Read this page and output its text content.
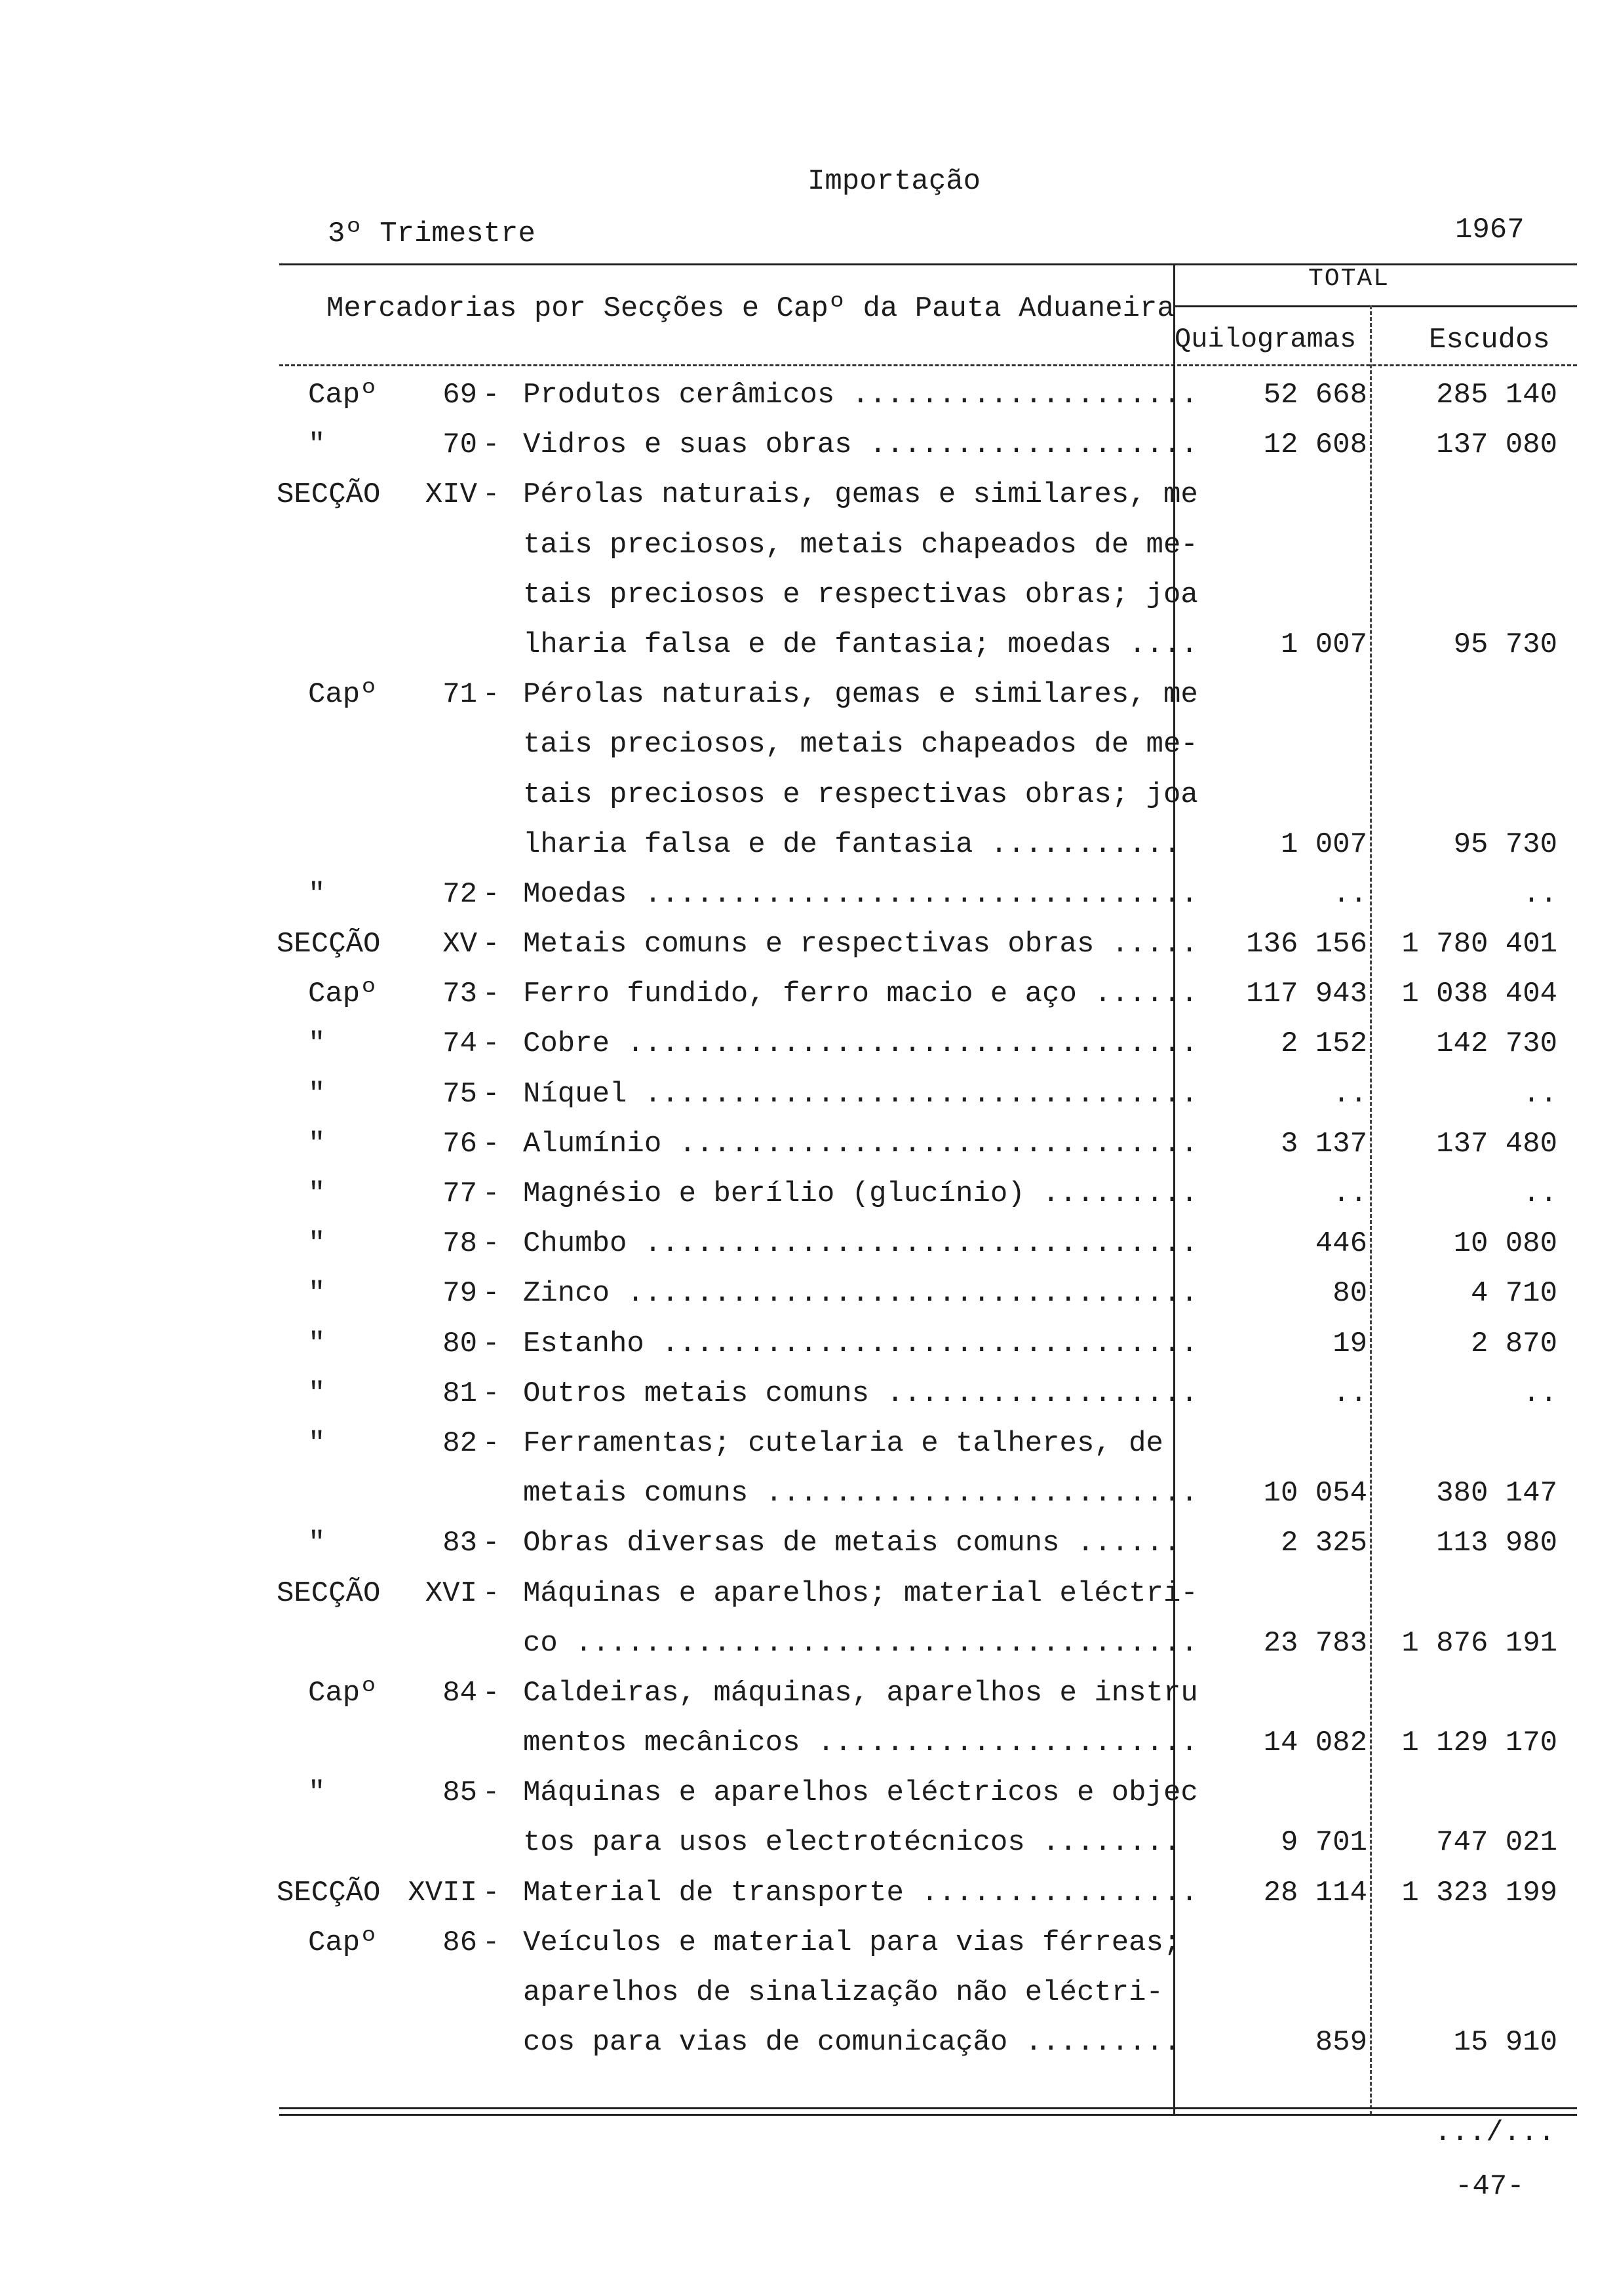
Importação
3º Trimestre	1967
Mercadorias por Secções e Capº da Pauta Aduaneira
TOTAL
Quilogramas	Escudos
Capº	69 - Produtos cerâmicos ....................	52 668	285 140
"	70 - Vidros e suas obras ...................	12 608	137 080
SECÇÃO	XIV - Pérolas naturais, gemas e similares, me
tais preciosos, metais chapeados de me-
tais preciosos e respectivas obras; joa
lharia falsa e de fantasia; moedas ....	1 007	95 730
Capº	71 - Pérolas naturais, gemas e similares, me
tais preciosos, metais chapeados de me-
tais preciosos e respectivas obras; joa
lharia falsa e de fantasia ...........	1 007	95 730
"	72 - Moedas ................................	..	..
SECÇÃO	XV - Metais comuns e respectivas obras .....	136 156	1 780 401
Capº	73 - Ferro fundido, ferro macio e aço ......	117 943	1 038 404
"	74 - Cobre .................................	2 152	142 730
"	75 - Níquel ................................	..	..
"	76 - Alumínio ..............................	3 137	137 480
"	77 - Magnésio e berílio (glucínio) .........	..	..
"	78 - Chumbo ................................	446	10 080
"	79 - Zinco .................................	80	4 710
"	80 - Estanho ...............................	19	2 870
"	81 - Outros metais comuns ..................	..	..
"	82 - Ferramentas; cutelaria e talheres, de
metais comuns .........................	10 054	380 147
"	83 - Obras diversas de metais comuns ......	2 325	113 980
SECÇÃO	XVI - Máquinas e aparelhos; material eléctri-
co ....................................	23 783	1 876 191
Capº	84 - Caldeiras, máquinas, aparelhos e instru
mentos mecânicos ......................	14 082	1 129 170
"	85 - Máquinas e aparelhos eléctricos e objec
tos para usos electrotécnicos ........	9 701	747 021
SECÇÃO XVII - Material de transporte ................	28 114	1 323 199
Capº	86 - Veículos e material para vias férreas;
aparelhos de sinalização não eléctri-
cos para vias de comunicação .........	859	15 910
.../...
-47-
